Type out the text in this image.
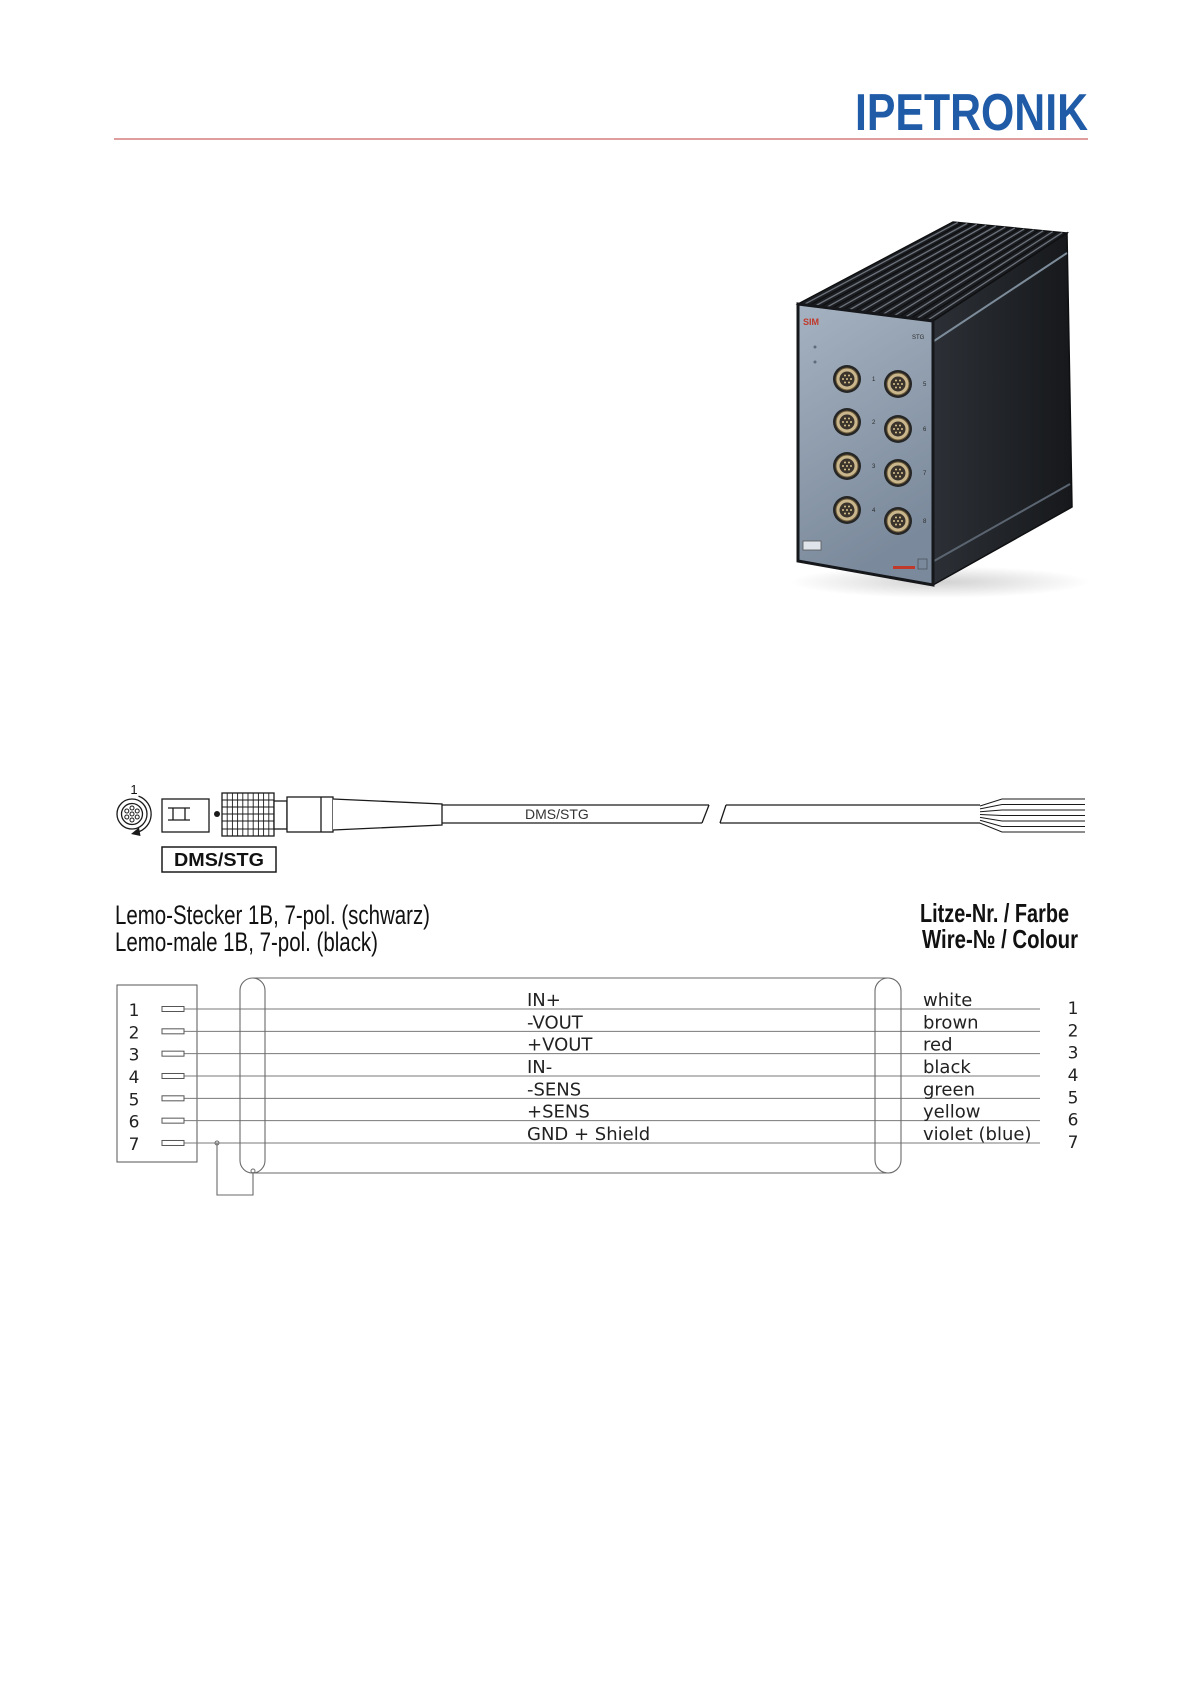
IPETRONIK
SIM
STG
1
2
3
4
5
6
7
8
1
DMS/STG
DMS/STG
Lemo-Stecker 1B, 7-pol. (schwarz)
Lemo-male 1B, 7-pol. (black)
Litze-Nr. / Farbe
Wire-№ / Colour
1	IN+	white	1
2	-VOUT	brown	2
3	+VOUT	red	3
4	IN-	black	4
5	-SENS	green	5
6	+SENS	yellow	6
7	GND + Shield	violet (blue) 7
